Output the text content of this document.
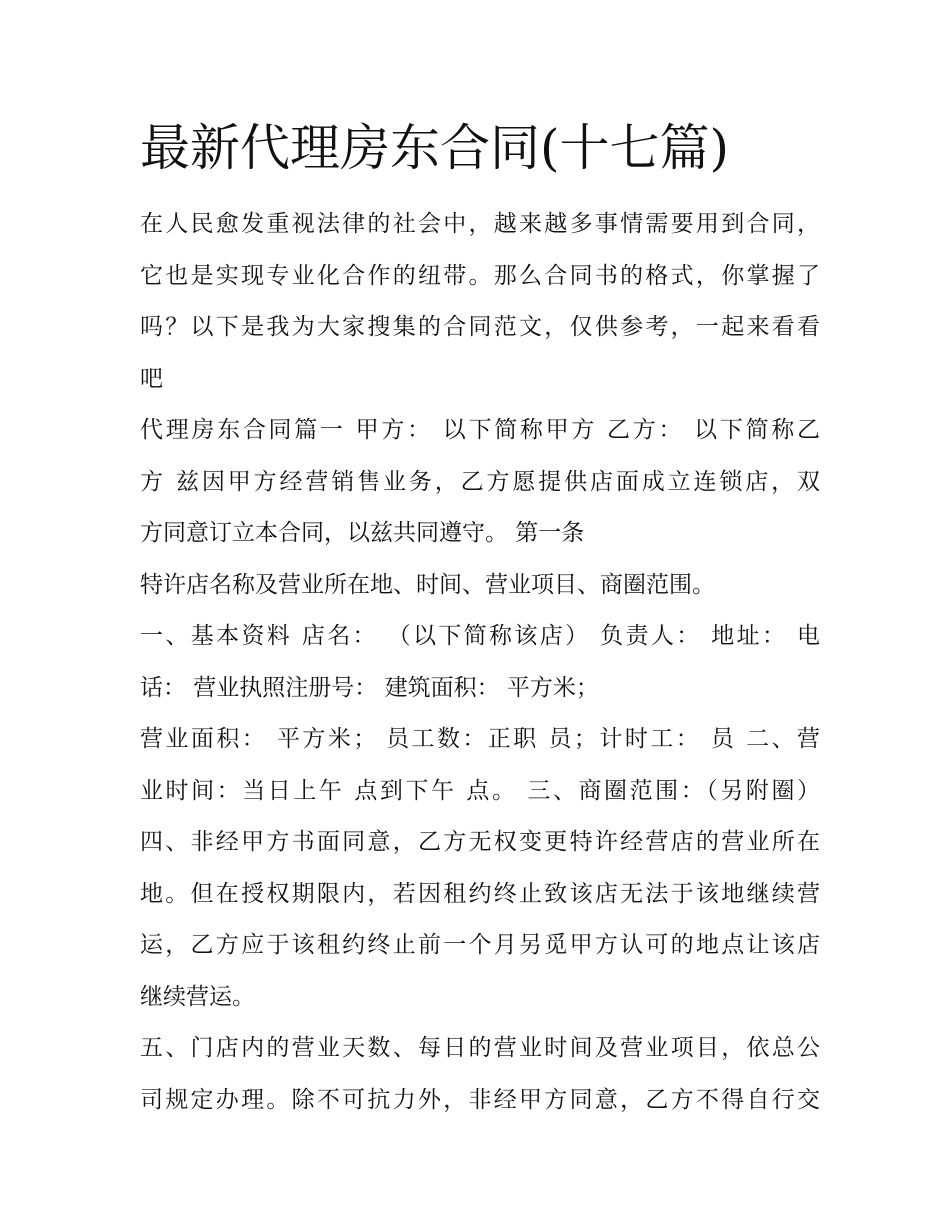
最新代理房东合同(十七篇)
在人民愈发重视法律的社会中，越来越多事情需要用到合同，
它也是实现专业化合作的纽带。那么合同书的格式，你掌握了
吗？以下是我为大家搜集的合同范文，仅供参考，一起来看看
吧
代理房东合同篇一 甲方： 以下简称甲方 乙方： 以下简称乙
方 兹因甲方经营销售业务，乙方愿提供店面成立连锁店，双
方同意订立本合同，以兹共同遵守。 第一条
特许店名称及营业所在地、时间、营业项目、商圈范围。
一、基本资料 店名： （以下简称该店） 负责人： 地址： 电
话： 营业执照注册号： 建筑面积： 平方米；
营业面积： 平方米； 员工数：正职 员；计时工： 员 二、营
业时间：当日上午 点到下午 点。 三、商圈范围：（另附圈）
四、非经甲方书面同意，乙方无权变更特许经营店的营业所在
地。但在授权期限内，若因租约终止致该店无法于该地继续营
运，乙方应于该租约终止前一个月另觅甲方认可的地点让该店
继续营运。
五、门店内的营业天数、每日的营业时间及营业项目，依总公
司规定办理。除不可抗力外，非经甲方同意，乙方不得自行交
